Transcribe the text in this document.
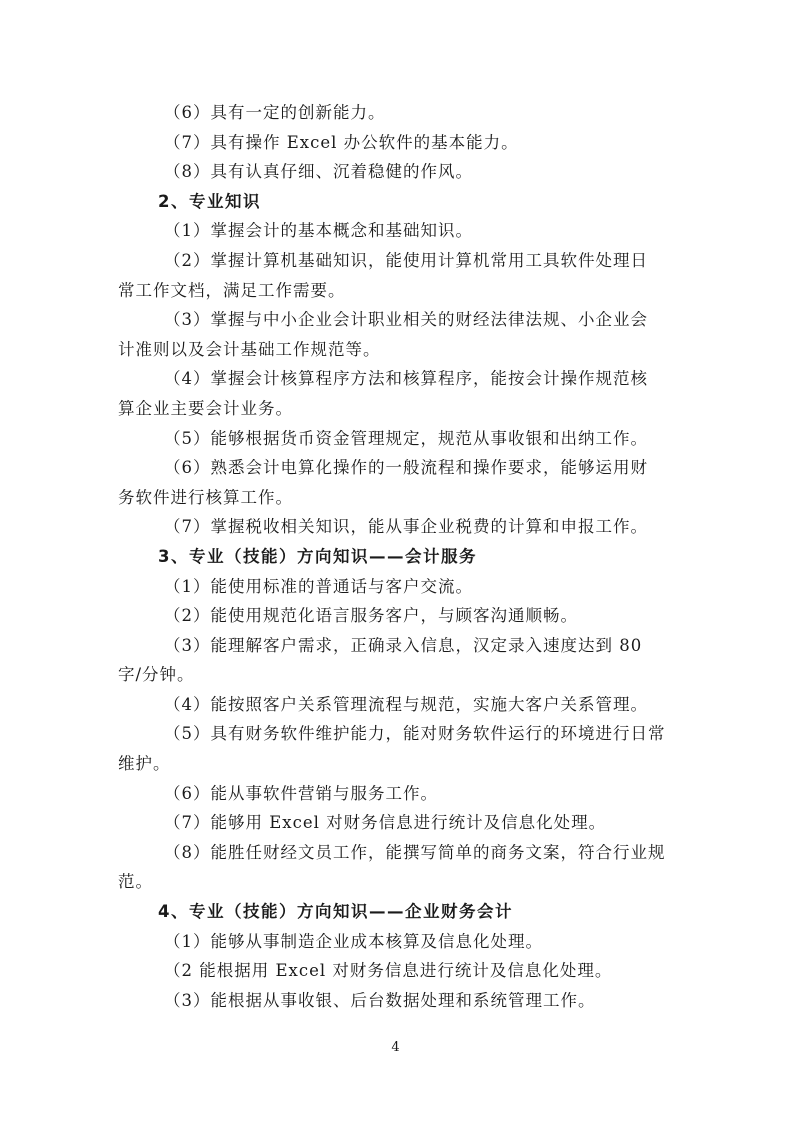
（6）具有一定的创新能力。
（7）具有操作 Excel 办公软件的基本能力。
（8）具有认真仔细、沉着稳健的作风。
2、专业知识
（1）掌握会计的基本概念和基础知识。
（2）掌握计算机基础知识，能使用计算机常用工具软件处理日
常工作文档，满足工作需要。
（3）掌握与中小企业会计职业相关的财经法律法规、小企业会
计准则以及会计基础工作规范等。
（4）掌握会计核算程序方法和核算程序，能按会计操作规范核
算企业主要会计业务。
（5）能够根据货币资金管理规定，规范从事收银和出纳工作。
（6）熟悉会计电算化操作的一般流程和操作要求，能够运用财
务软件进行核算工作。
（7）掌握税收相关知识，能从事企业税费的计算和申报工作。
3、专业（技能）方向知识——会计服务
（1）能使用标准的普通话与客户交流。
（2）能使用规范化语言服务客户，与顾客沟通顺畅。
（3）能理解客户需求，正确录入信息，汉定录入速度达到 80
字/分钟。
（4）能按照客户关系管理流程与规范，实施大客户关系管理。
（5）具有财务软件维护能力，能对财务软件运行的环境进行日常
维护。
（6）能从事软件营销与服务工作。
（7）能够用 Excel 对财务信息进行统计及信息化处理。
（8）能胜任财经文员工作，能撰写简单的商务文案，符合行业规
范。
4、专业（技能）方向知识——企业财务会计
（1）能够从事制造企业成本核算及信息化处理。
（2 能根据用 Excel 对财务信息进行统计及信息化处理。
（3）能根据从事收银、后台数据处理和系统管理工作。
4
